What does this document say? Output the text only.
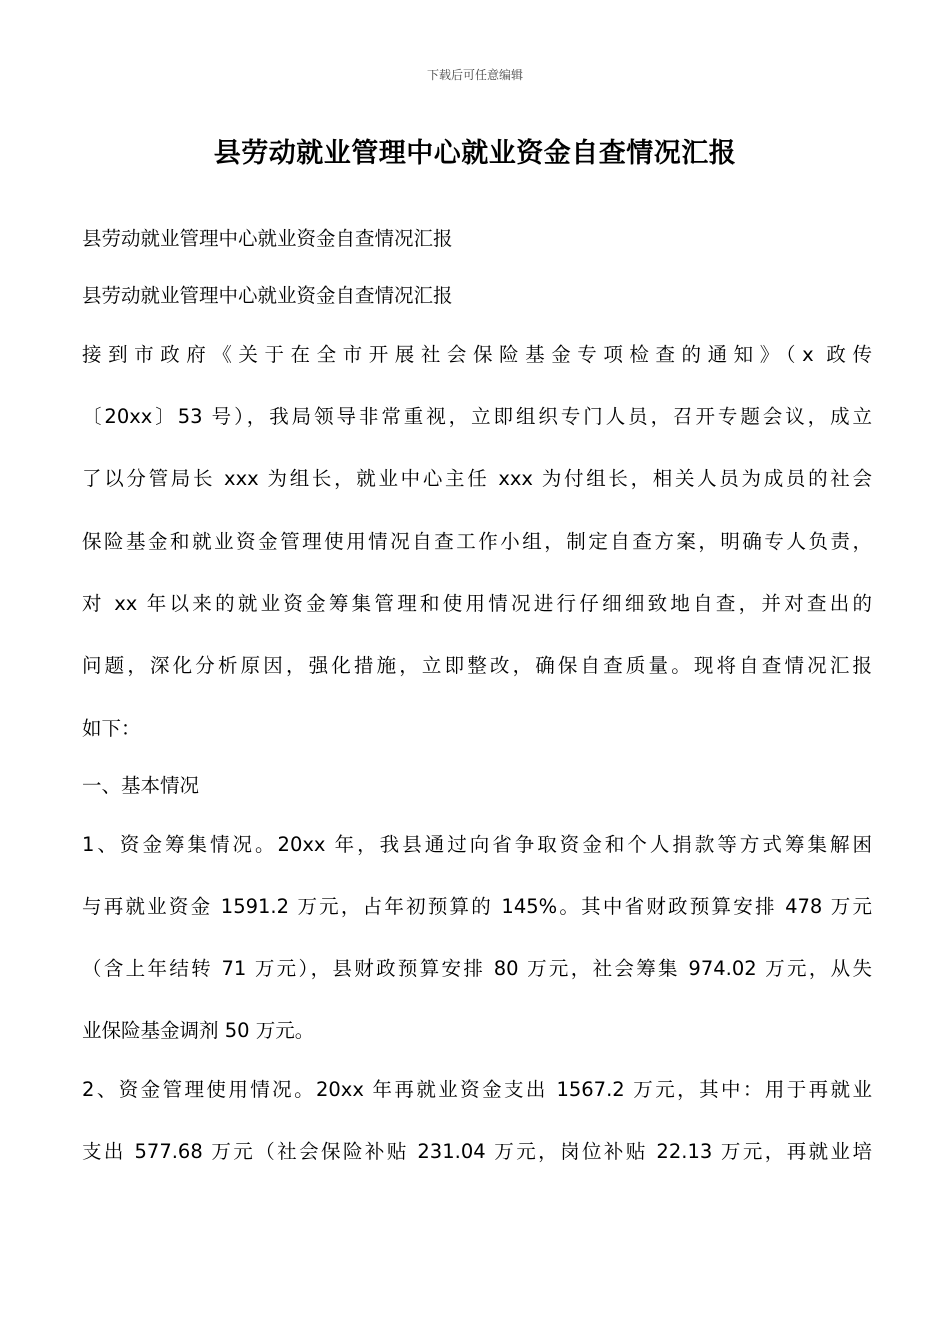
下载后可任意编辑
县劳动就业管理中心就业资金自查情况汇报
县劳动就业管理中心就业资金自查情况汇报
县劳动就业管理中心就业资金自查情况汇报
接到市政府《关于在全市开展社会保险基金专项检查的通知》（x 政传
〔20xx〕53 号），我局领导非常重视，立即组织专门人员，召开专题会议，成立
了以分管局长 xxx 为组长，就业中心主任 xxx 为付组长，相关人员为成员的社会
保险基金和就业资金管理使用情况自查工作小组，制定自查方案，明确专人负责，
对 xx 年以来的就业资金筹集管理和使用情况进行仔细细致地自查，并对查出的
问题，深化分析原因，强化措施，立即整改，确保自查质量。现将自查情况汇报
如下：
一、基本情况
1、资金筹集情况。20xx 年，我县通过向省争取资金和个人捐款等方式筹集解困
与再就业资金 1591.2 万元，占年初预算的 145%。其中省财政预算安排 478 万元
（含上年结转 71 万元），县财政预算安排 80 万元，社会筹集 974.02 万元，从失
业保险基金调剂 50 万元。
2、资金管理使用情况。20xx 年再就业资金支出 1567.2 万元，其中：用于再就业
支出 577.68 万元（社会保险补贴 231.04 万元，岗位补贴 22.13 万元，再就业培
